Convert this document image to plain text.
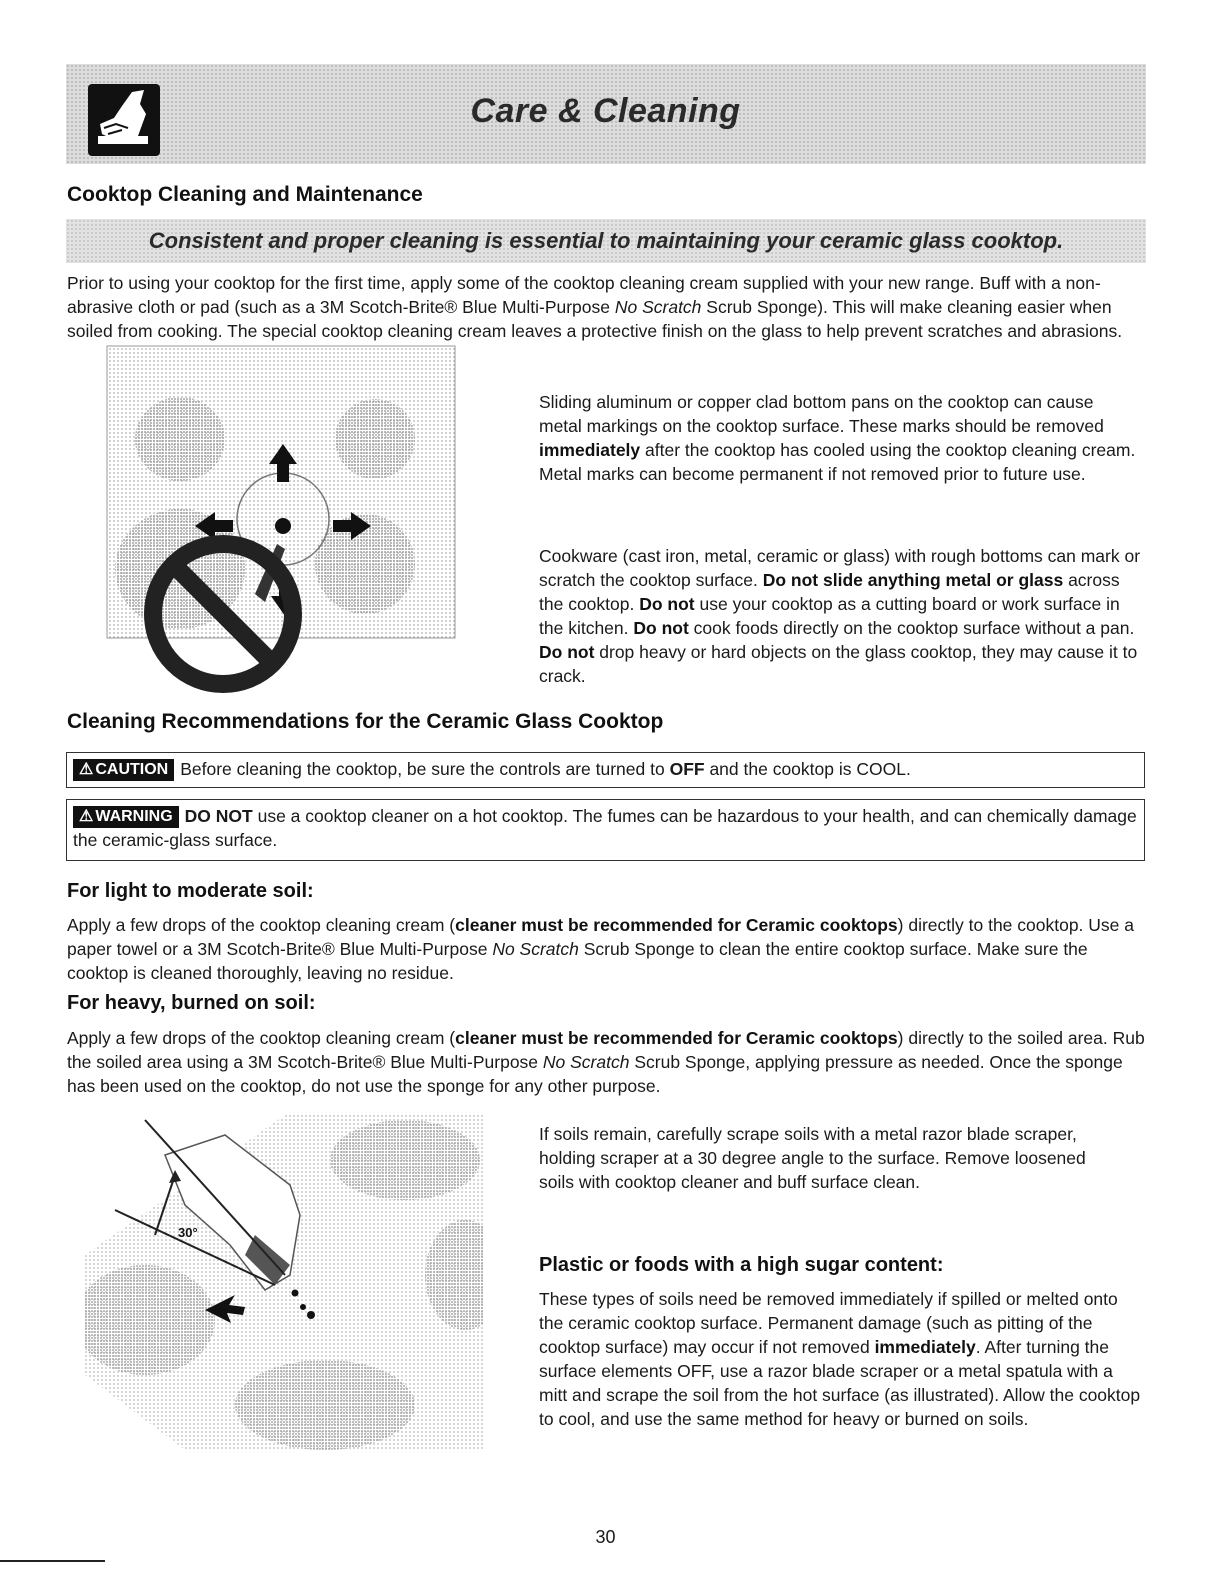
Care & Cleaning
Cooktop Cleaning and Maintenance
Consistent and proper cleaning is essential to maintaining your ceramic glass cooktop.
Prior to using your cooktop for the first time, apply some of the cooktop cleaning cream supplied with your new range. Buff with a non-abrasive cloth or pad (such as a 3M Scotch-Brite® Blue Multi-Purpose No Scratch Scrub Sponge). This will make cleaning easier when soiled from cooking. The special cooktop cleaning cream leaves a protective finish on the glass to help prevent scratches and abrasions.
Sliding aluminum or copper clad bottom pans on the cooktop can cause metal markings on the cooktop surface. These marks should be removed immediately after the cooktop has cooled using the cooktop cleaning cream. Metal marks can become permanent if not removed prior to future use.
Cookware (cast iron, metal, ceramic or glass) with rough bottoms can mark or scratch the cooktop surface. Do not slide anything metal or glass across the cooktop. Do not use your cooktop as a cutting board or work surface in the kitchen. Do not cook foods directly on the cooktop surface without a pan. Do not drop heavy or hard objects on the glass cooktop, they may cause it to crack.
Cleaning Recommendations for the Ceramic Glass Cooktop
⚠ CAUTION Before cleaning the cooktop, be sure the controls are turned to OFF and the cooktop is COOL.
⚠ WARNING DO NOT use a cooktop cleaner on a hot cooktop. The fumes can be hazardous to your health, and can chemically damage the ceramic-glass surface.
For light to moderate soil:
Apply a few drops of the cooktop cleaning cream (cleaner must be recommended for Ceramic cooktops) directly to the cooktop. Use a paper towel or a 3M Scotch-Brite® Blue Multi-Purpose No Scratch Scrub Sponge to clean the entire cooktop surface. Make sure the cooktop is cleaned thoroughly, leaving no residue.
For heavy, burned on soil:
Apply a few drops of the cooktop cleaning cream (cleaner must be recommended for Ceramic cooktops) directly to the soiled area. Rub the soiled area using a 3M Scotch-Brite® Blue Multi-Purpose No Scratch Scrub Sponge, applying pressure as needed. Once the sponge has been used on the cooktop, do not use the sponge for any other purpose.
30°
If soils remain, carefully scrape soils with a metal razor blade scraper, holding scraper at a 30 degree angle to the surface. Remove loosened soils with cooktop cleaner and buff surface clean.
Plastic or foods with a high sugar content:
These types of soils need be removed immediately if spilled or melted onto the ceramic cooktop surface. Permanent damage (such as pitting of the cooktop surface) may occur if not removed immediately. After turning the surface elements OFF, use a razor blade scraper or a metal spatula with a mitt and scrape the soil from the hot surface (as illustrated). Allow the cooktop to cool, and use the same method for heavy or burned on soils.
30
